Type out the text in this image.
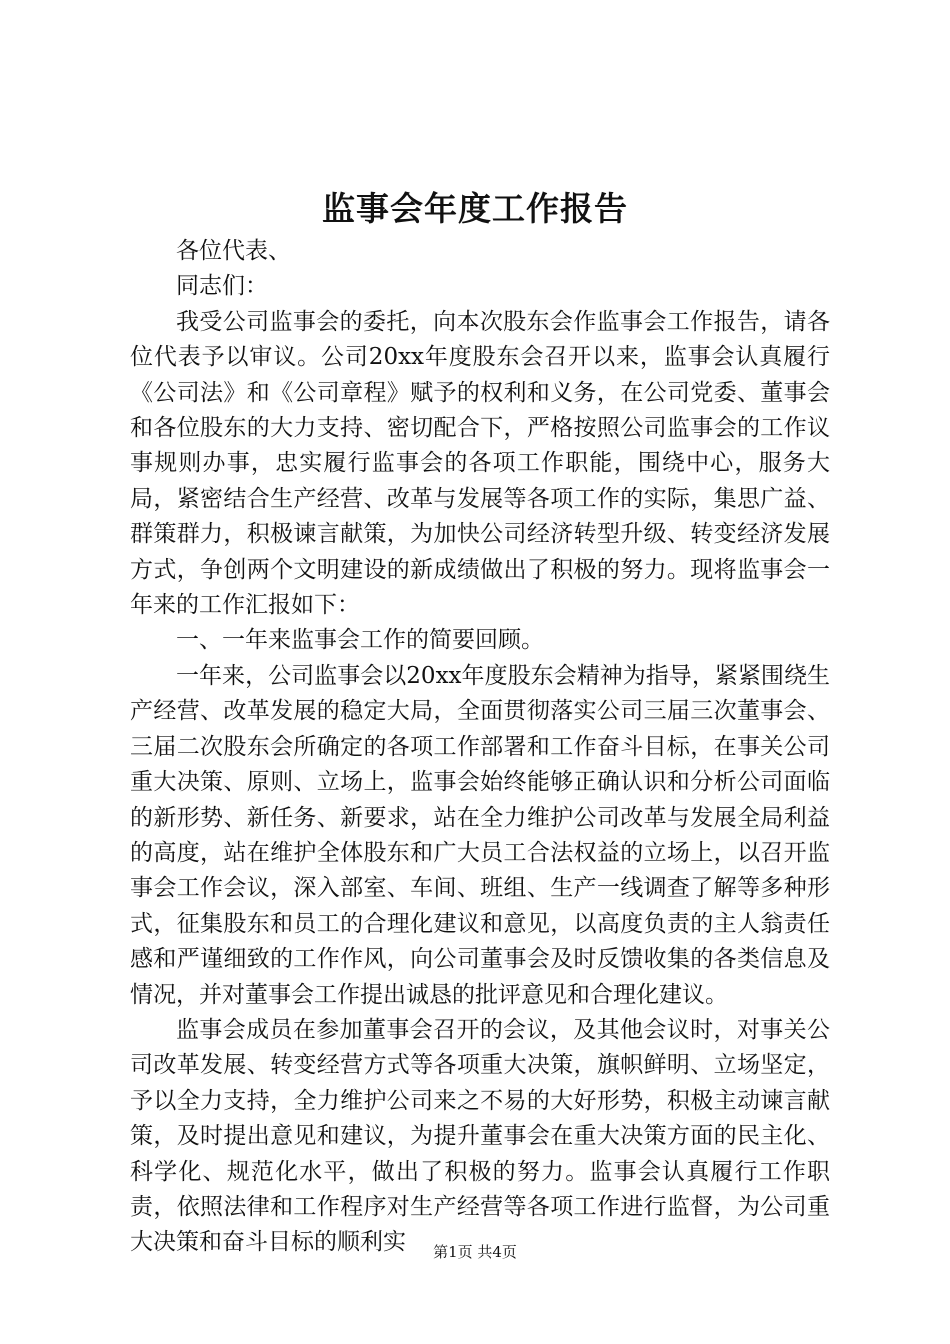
监事会年度工作报告

各位代表、

同志们：

我受公司监事会的委托，向本次股东会作监事会工作报告，请各位代表予以审议。公司20xx年度股东会召开以来，监事会认真履行《公司法》和《公司章程》赋予的权利和义务，在公司党委、董事会和各位股东的大力支持、密切配合下，严格按照公司监事会的工作议事规则办事，忠实履行监事会的各项工作职能，围绕中心，服务大局，紧密结合生产经营、改革与发展等各项工作的实际，集思广益、群策群力，积极谏言献策，为加快公司经济转型升级、转变经济发展方式，争创两个文明建设的新成绩做出了积极的努力。现将监事会一年来的工作汇报如下：

一、一年来监事会工作的简要回顾。

一年来，公司监事会以20xx年度股东会精神为指导，紧紧围绕生产经营、改革发展的稳定大局，全面贯彻落实公司三届三次董事会、三届二次股东会所确定的各项工作部署和工作奋斗目标，在事关公司重大决策、原则、立场上，监事会始终能够正确认识和分析公司面临的新形势、新任务、新要求，站在全力维护公司改革与发展全局利益的高度，站在维护全体股东和广大员工合法权益的立场上，以召开监事会工作会议，深入部室、车间、班组、生产一线调查了解等多种形式，征集股东和员工的合理化建议和意见，以高度负责的主人翁责任感和严谨细致的工作作风，向公司董事会及时反馈收集的各类信息及情况，并对董事会工作提出诚恳的批评意见和合理化建议。

监事会成员在参加董事会召开的会议，及其他会议时，对事关公司改革发展、转变经营方式等各项重大决策，旗帜鲜明、立场坚定，予以全力支持，全力维护公司来之不易的大好形势，积极主动谏言献策，及时提出意见和建议，为提升董事会在重大决策方面的民主化、科学化、规范化水平，做出了积极的努力。监事会认真履行工作职责，依照法律和工作程序对生产经营等各项工作进行监督，为公司重大决策和奋斗目标的顺利实	第1页 共4页
